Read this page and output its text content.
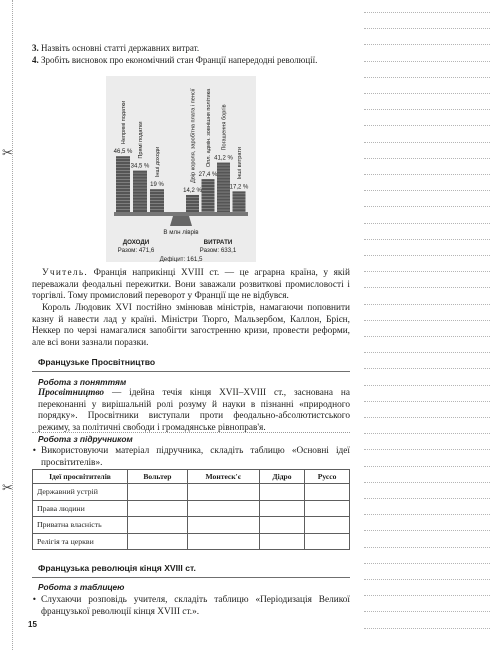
✂
✂
3. Назвіть основні статті державних витрат.
4. Зробіть висновок про економічний стан Франції напередодні революції.
46,5 %
Непрямі податки
34,5 %
Прямі податки
19 %
Інші доходи
14,2 %
Двір короля, заробітна плата і пенсії 27,4 %
Опл. адмін. зовнішня політика 41,2 %
Погашення боргів
17,2 %
Інші витрати
В млн ліврів
ДОХОДИ
Разом: 471,6
ВИТРАТИ
Разом: 633,1
Дефіцит: 161,5
Учитель. Франція наприкінці XVIII ст. — це аграрна країна, у якій переважали феодальні пережитки. Вони заважали розвиткові промисловості і торгівлі. Тому промисловий переворот у Франції ще не відбувся.
Король Людовик XVI постійно змінював міністрів, намагаючи поповнити казну й навести лад у країні. Міністри Тюрго, Мальзербом, Каллон, Брієн, Неккер по черзі намагалися запобігти загостренню кризи, провести реформи, але всі вони зазнали поразки.
Французьке Просвітництво
Робота з поняттям
Просвітництво — ідейна течія кінця XVII–XVIII ст., заснована на переконанні у вирішальній ролі розуму й науки в пізнанні «природного порядку». Просвітники виступали проти феодально-абсолютистського режиму, за політичні свободи і громадянське рівноправ'я.
Робота з підручником
• Використовуючи матеріал підручника, складіть таблицю «Основні ідеї просвітителів».
Ідеї просвітителів	Вольтер	Монтеск'є	Дідро	Руссо
Державний устрій				
Права людини				
Приватна власність				
Релігія та церкви				
Французька революція кінця XVIII ст.
Робота з таблицею
• Слухаючи розповідь учителя, складіть таблицю «Періодизація Великої французької революції кінця XVIII ст.».
15
